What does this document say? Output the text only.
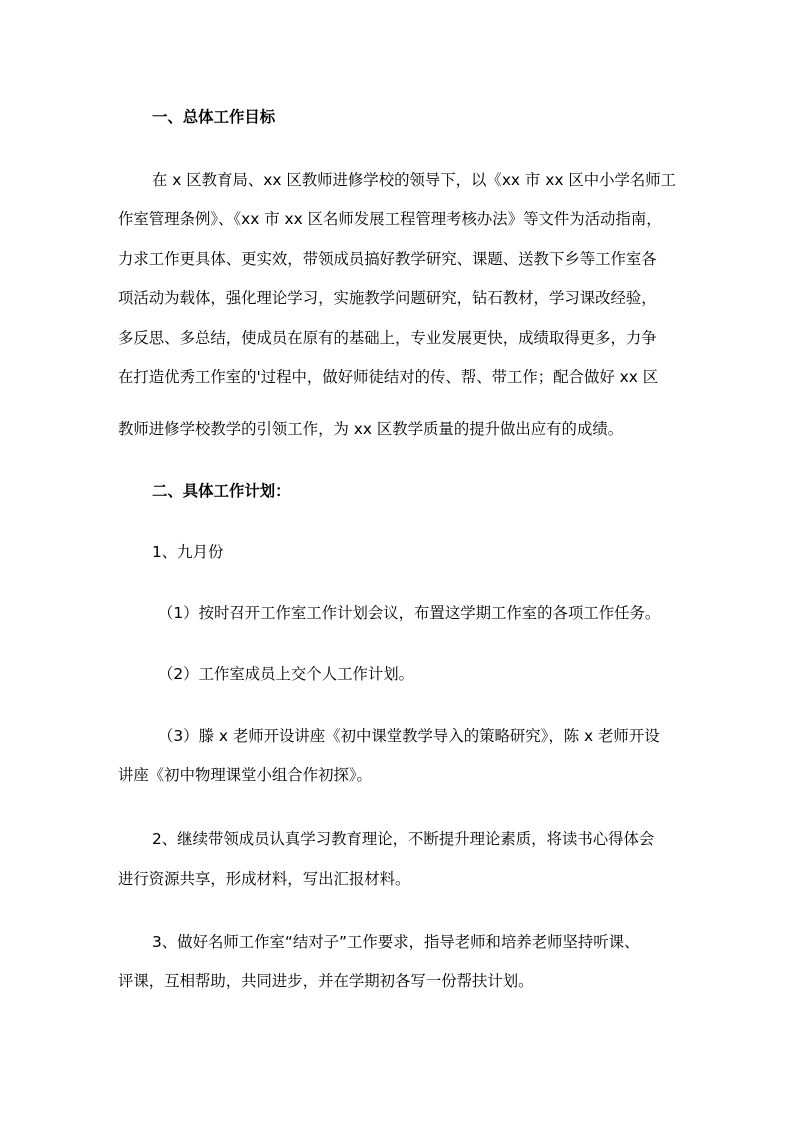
一、总体工作目标
在 x 区教育局、xx 区教师进修学校的领导下，以《xx 市 xx 区中小学名师工
作室管理条例》、《xx 市 xx 区名师发展工程管理考核办法》等文件为活动指南，
力求工作更具体、更实效，带领成员搞好教学研究、课题、送教下乡等工作室各
项活动为载体，强化理论学习，实施教学问题研究，钻石教材，学习课改经验，
多反思、多总结，使成员在原有的基础上，专业发展更快，成绩取得更多，力争
在打造优秀工作室的'过程中，做好师徒结对的传、帮、带工作；配合做好 xx 区
教师进修学校教学的引领工作，为 xx 区教学质量的提升做出应有的成绩。
二、具体工作计划：
1、九月份
（1）按时召开工作室工作计划会议，布置这学期工作室的各项工作任务。
（2）工作室成员上交个人工作计划。
（3）滕 x 老师开设讲座《初中课堂教学导入的策略研究》，陈 x 老师开设
讲座《初中物理课堂小组合作初探》。
2、继续带领成员认真学习教育理论，不断提升理论素质，将读书心得体会
进行资源共享，形成材料，写出汇报材料。
3、做好名师工作室“结对子”工作要求，指导老师和培养老师坚持听课、
评课，互相帮助，共同进步，并在学期初各写一份帮扶计划。
